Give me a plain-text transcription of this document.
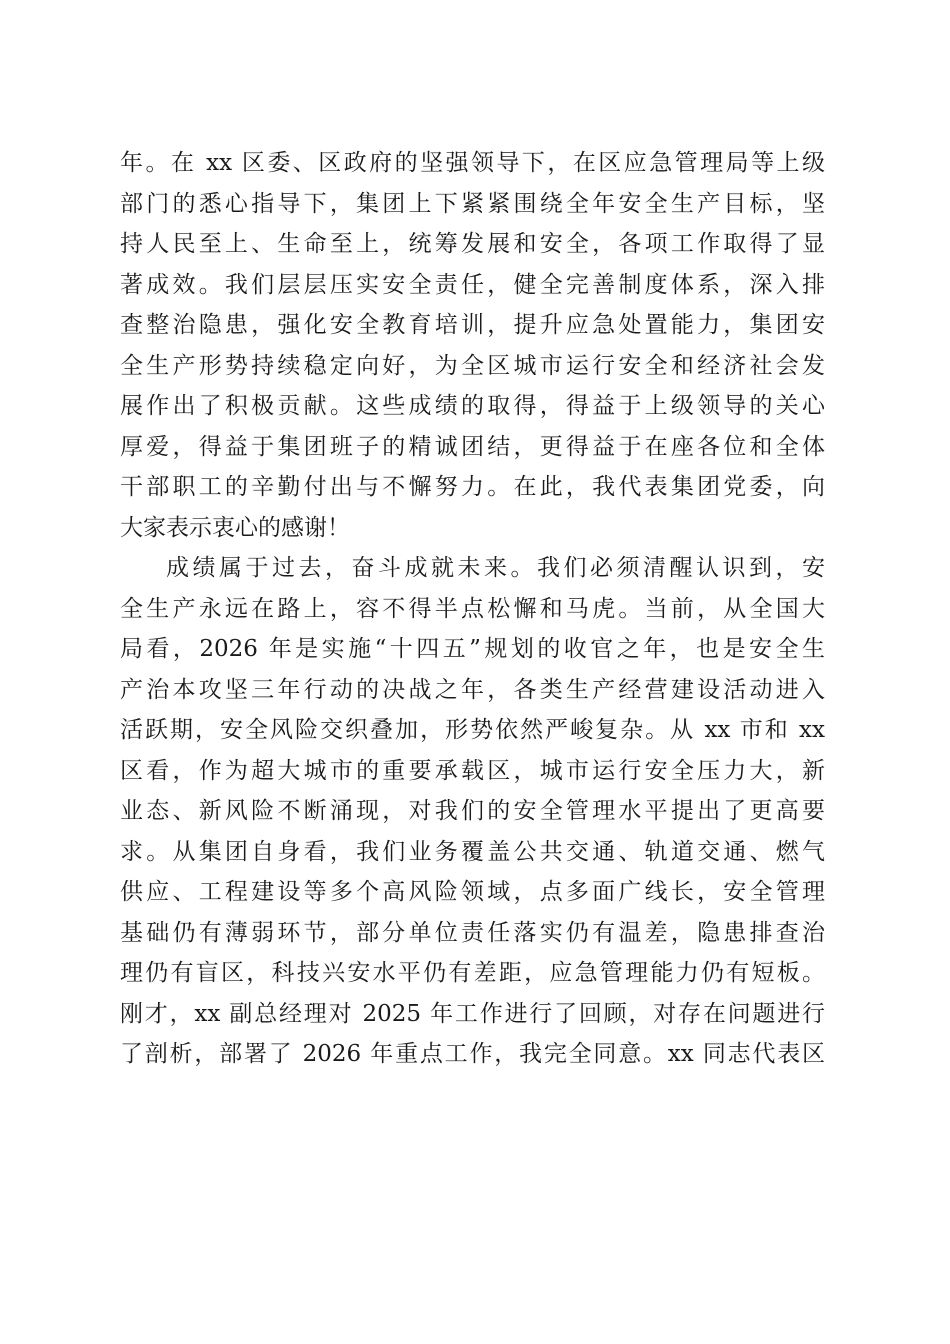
年。在 xx 区委、区政府的坚强领导下，在区应急管理局等上级
部门的悉心指导下，集团上下紧紧围绕全年安全生产目标，坚
持人民至上、生命至上，统筹发展和安全，各项工作取得了显
著成效。我们层层压实安全责任，健全完善制度体系，深入排
查整治隐患，强化安全教育培训，提升应急处置能力，集团安
全生产形势持续稳定向好，为全区城市运行安全和经济社会发
展作出了积极贡献。这些成绩的取得，得益于上级领导的关心
厚爱，得益于集团班子的精诚团结，更得益于在座各位和全体
干部职工的辛勤付出与不懈努力。在此，我代表集团党委，向
大家表示衷心的感谢！
成绩属于过去，奋斗成就未来。我们必须清醒认识到，安
全生产永远在路上，容不得半点松懈和马虎。当前，从全国大
局看，2026 年是实施“十四五”规划的收官之年，也是安全生
产治本攻坚三年行动的决战之年，各类生产经营建设活动进入
活跃期，安全风险交织叠加，形势依然严峻复杂。从 xx 市和 xx
区看，作为超大城市的重要承载区，城市运行安全压力大，新
业态、新风险不断涌现，对我们的安全管理水平提出了更高要
求。从集团自身看，我们业务覆盖公共交通、轨道交通、燃气
供应、工程建设等多个高风险领域，点多面广线长，安全管理
基础仍有薄弱环节，部分单位责任落实仍有温差，隐患排查治
理仍有盲区，科技兴安水平仍有差距，应急管理能力仍有短板。
刚才，xx 副总经理对 2025 年工作进行了回顾，对存在问题进行
了剖析，部署了 2026 年重点工作，我完全同意。xx 同志代表区
